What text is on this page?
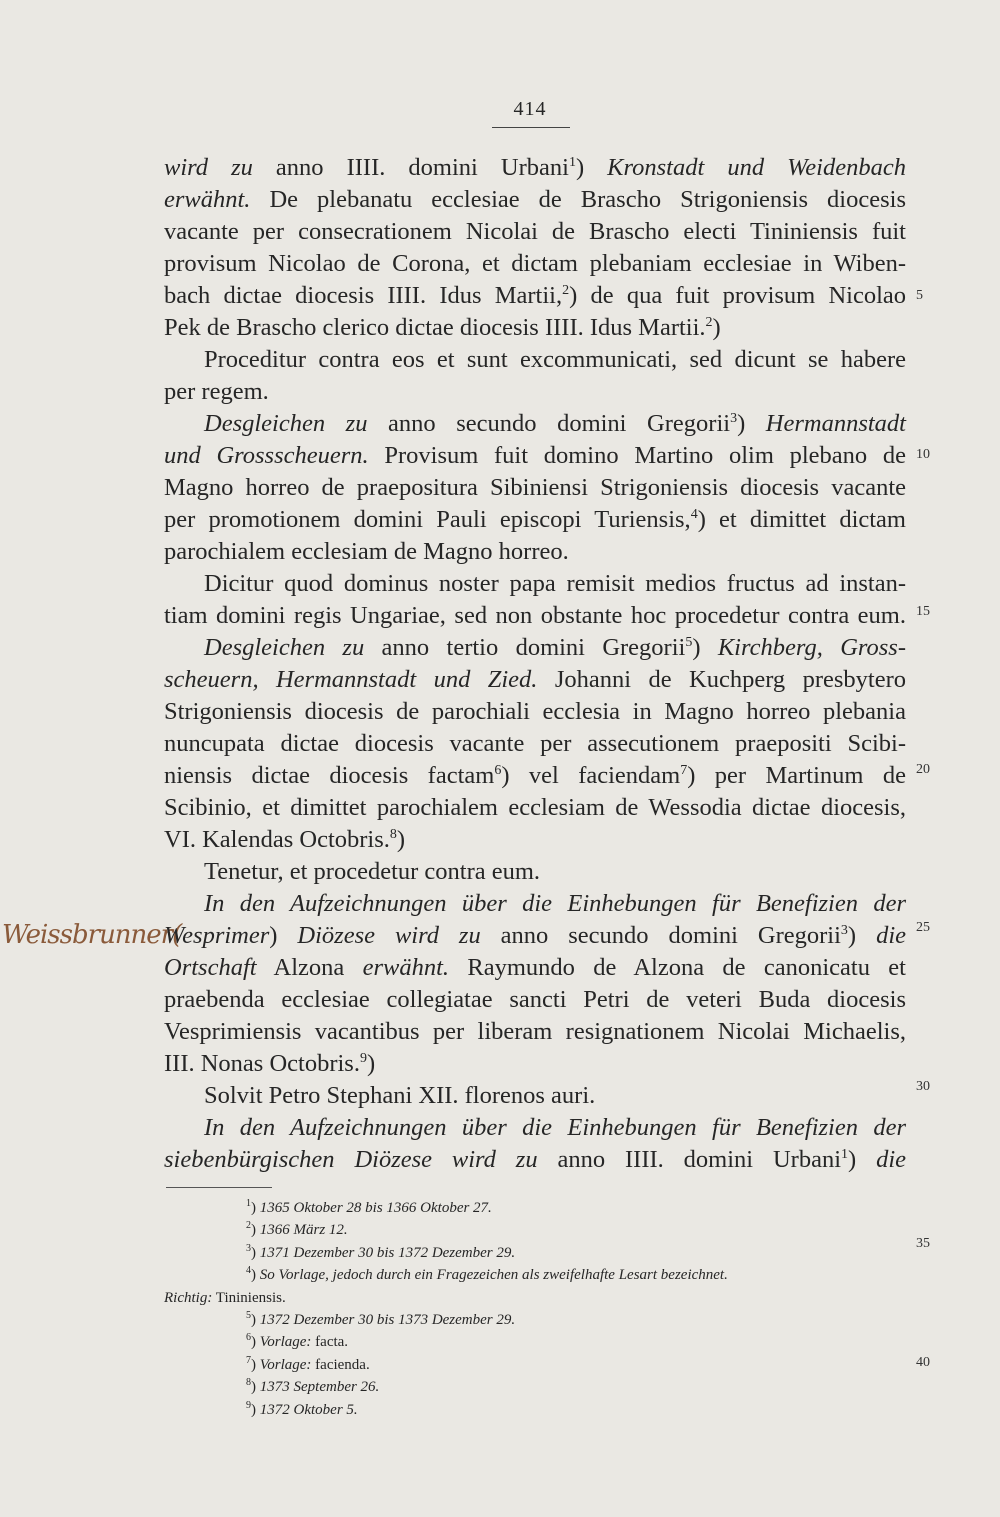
414
Weissbrunner(
wird zu anno IIII. domini Urbani$^1$) Kronstadt und Weidenbach
erwähnt. De plebanatu ecclesiae de Brascho Strigoniensis diocesis
vacante per consecrationem Nicolai de Brascho electi Tininiensis fuit
provisum Nicolao de Corona, et dictam plebaniam ecclesiae in Wiben-
bach dictae diocesis IIII. Idus Martii,$^2$) de qua fuit provisum Nicolao
Pek de Brascho clerico dictae diocesis IIII. Idus Martii.$^2$)
Proceditur contra eos et sunt excommunicati, sed dicunt se habere
per regem.
Desgleichen zu anno secundo domini Gregorii$^3$) Hermannstadt
und Grossscheuern. Provisum fuit domino Martino olim plebano de
Magno horreo de praepositura Sibiniensi Strigoniensis diocesis vacante
per promotionem domini Pauli episcopi Turiensis,$^4$) et dimittet dictam
parochialem ecclesiam de Magno horreo.
Dicitur quod dominus noster papa remisit medios fructus ad instan-
tiam domini regis Ungariae, sed non obstante hoc procedetur contra eum.
Desgleichen zu anno tertio domini Gregorii$^5$) Kirchberg, Gross-
scheuern, Hermannstadt und Zied. Johanni de Kuchperg presbytero
Strigoniensis diocesis de parochiali ecclesia in Magno horreo plebania
nuncupata dictae diocesis vacante per assecutionem praepositi Scibi-
niensis dictae diocesis factam$^6$) vel faciendam$^7$) per Martinum de
Scibinio, et dimittet parochialem ecclesiam de Wessodia dictae diocesis,
VI. Kalendas Octobris.$^8$)
Tenetur, et procedetur contra eum.
In den Aufzeichnungen über die Einhebungen für Benefizien der
Wesprimer) Diözese wird zu anno secundo domini Gregorii$^3$) die
Ortschaft Alzona erwähnt. Raymundo de Alzona de canonicatu et
praebenda ecclesiae collegiatae sancti Petri de veteri Buda diocesis
Vesprimiensis vacantibus per liberam resignationem Nicolai Michaelis,
III. Nonas Octobris.$^9$)
Solvit Petro Stephani XII. florenos auri.
In den Aufzeichnungen über die Einhebungen für Benefizien der
siebenbürgischen Diözese wird zu anno IIII. domini Urbani$^1$) die
5
10
15
20
25
30
35
40
$^1$) 1365 Oktober 28 bis 1366 Oktober 27.
$^2$) 1366 März 12.
$^3$) 1371 Dezember 30 bis 1372 Dezember 29.
$^4$) So Vorlage, jedoch durch ein Fragezeichen als zweifelhafte Lesart bezeichnet.
Richtig: Tininiensis.
$^5$) 1372 Dezember 30 bis 1373 Dezember 29.
$^6$) Vorlage: facta.
$^7$) Vorlage: facienda.
$^8$) 1373 September 26.
$^9$) 1372 Oktober 5.
